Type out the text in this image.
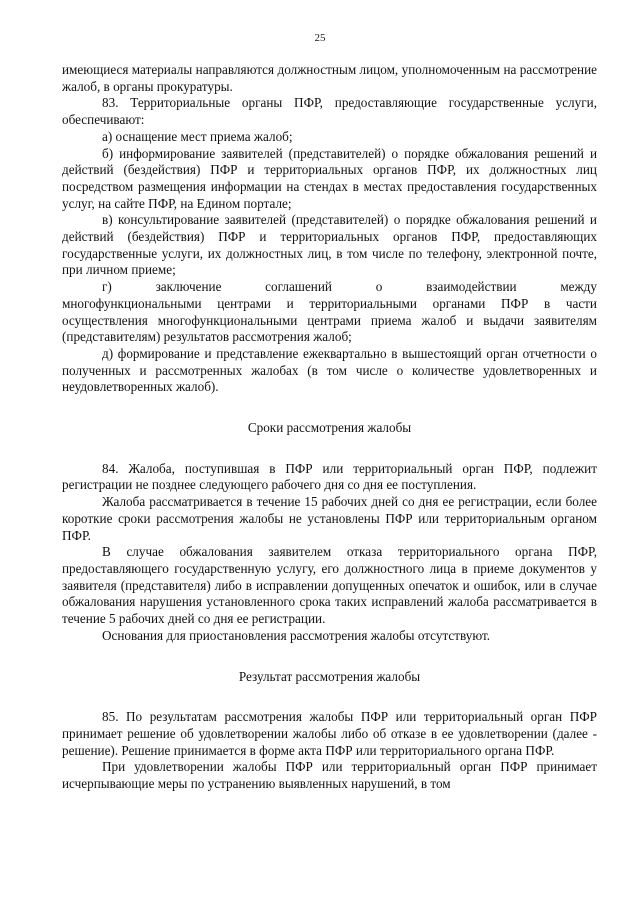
25

имеющиеся материалы направляются должностным лицом, уполномоченным на рассмотрение жалоб, в органы прокуратуры.

83. Территориальные органы ПФР, предоставляющие государственные услуги, обеспечивают:

а) оснащение мест приема жалоб;

б) информирование заявителей (представителей) о порядке обжалования решений и действий (бездействия) ПФР и территориальных органов ПФР, их должностных лиц посредством размещения информации на стендах в местах предоставления государственных услуг, на сайте ПФР, на Едином портале;

в) консультирование заявителей (представителей) о порядке обжалования решений и действий (бездействия) ПФР и территориальных органов ПФР, предоставляющих государственные услуги, их должностных лиц, в том числе по телефону, электронной почте, при личном приеме;

г)	заключение	соглашений	о	взаимодействии	между

многофункциональными центрами и территориальными органами ПФР в части осуществления многофункциональными центрами приема жалоб и выдачи заявителям (представителям) результатов рассмотрения жалоб;

д) формирование и представление ежеквартально в вышестоящий орган отчетности о полученных и рассмотренных жалобах (в том числе о количестве удовлетворенных и неудовлетворенных жалоб).

Сроки рассмотрения жалобы

84. Жалоба, поступившая в ПФР или территориальный орган ПФР, подлежит регистрации не позднее следующего рабочего дня со дня ее поступления.

Жалоба рассматривается в течение 15 рабочих дней со дня ее регистрации, если более короткие сроки рассмотрения жалобы не установлены ПФР или территориальным органом ПФР.

В случае обжалования заявителем отказа территориального органа ПФР, предоставляющего государственную услугу, его должностного лица в приеме документов у заявителя (представителя) либо в исправлении допущенных опечаток и ошибок, или в случае обжалования нарушения установленного срока таких исправлений жалоба рассматривается в течение 5 рабочих дней со дня ее регистрации.

Основания для приостановления рассмотрения жалобы отсутствуют.

Результат рассмотрения жалобы

85. По результатам рассмотрения жалобы ПФР или территориальный орган ПФР принимает решение об удовлетворении жалобы либо об отказе в ее удовлетворении (далее - решение). Решение принимается в форме акта ПФР или территориального органа ПФР.

При удовлетворении жалобы ПФР или территориальный орган ПФР принимает исчерпывающие меры по устранению выявленных нарушений, в том
